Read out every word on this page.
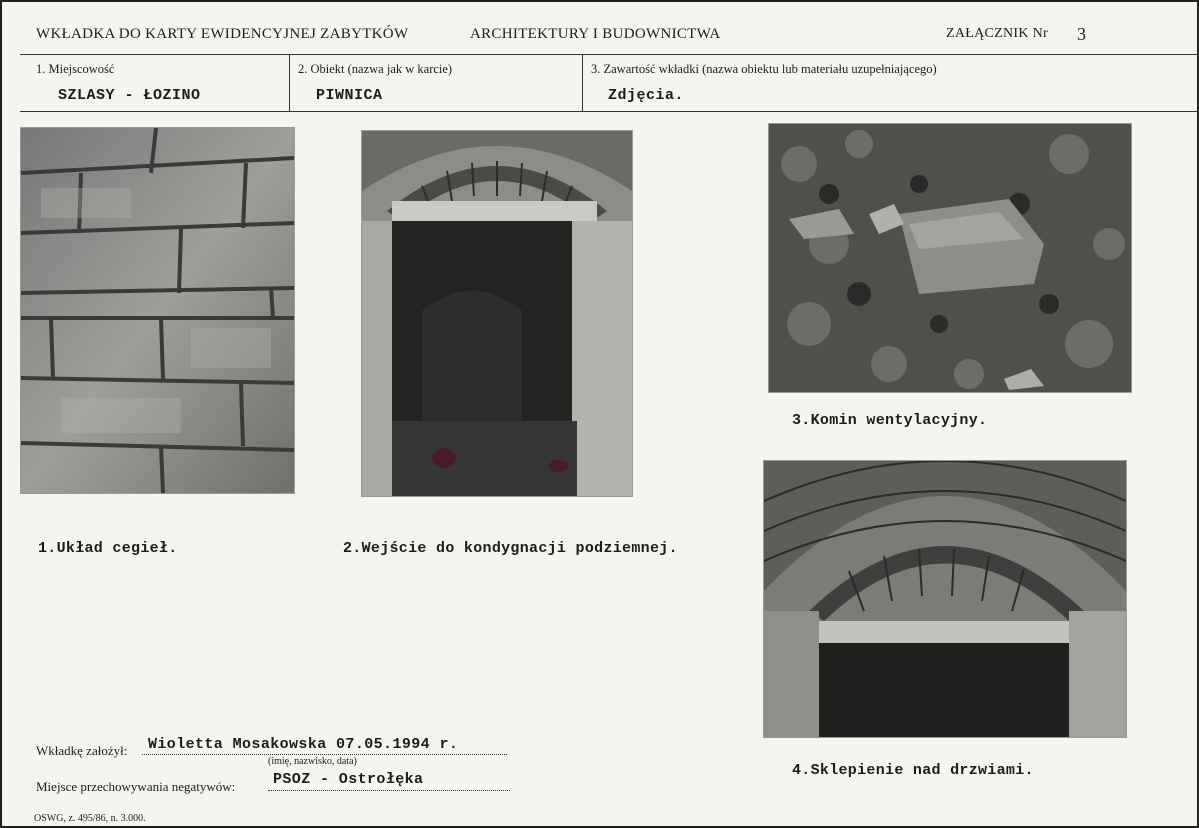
WKŁADKA DO KARTY EWIDENCYJNEJ ZABYTKÓW	ARCHITEKTURY I BUDOWNICTWA	ZAŁĄCZNIK Nr 3
1. Miejscowość
SZLASY - ŁOZINO
2. Obiekt (nazwa jak w karcie)
PIWNICA
3. Zawartość wkładki (nazwa obiektu lub materiału uzupełniającego)
Zdjęcia.
1.Układ cegieł.	2.Wejście do kondygnacji podziemnej.
3.Komin wentylacyjny.
4.Sklepienie nad drzwiami.
Wkładkę założył: Wioletta Mosakowska 07.05.1994 r.
(imię, nazwisko, data)
Miejsce przechowywania negatywów:	PSOZ - Ostrołęka
OSWG, z. 495/86, n. 3.000.
